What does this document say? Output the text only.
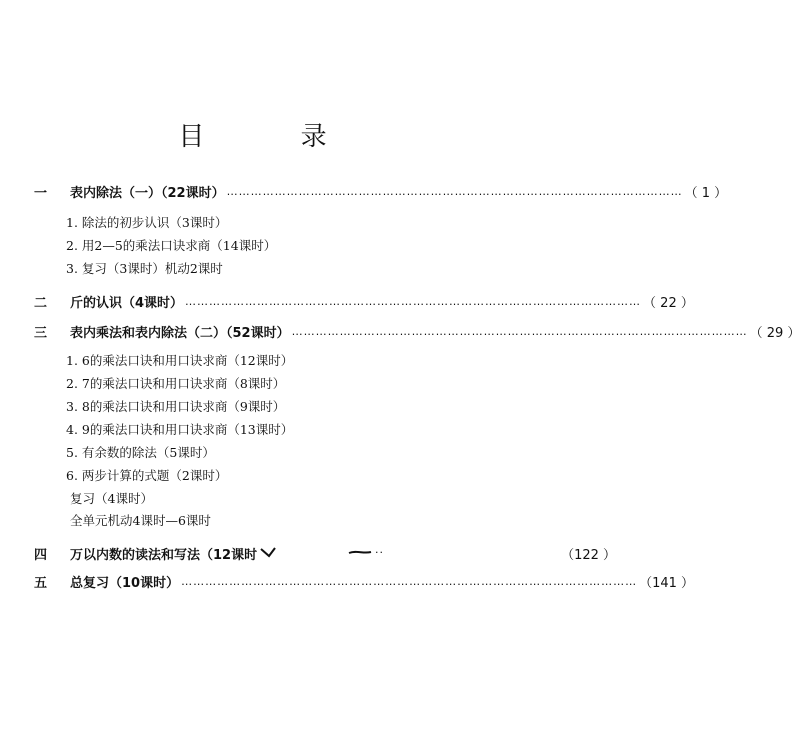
目 录
一	表内除法（一）（22课时） …………………………………………………………………………………………………… （ 1 ）
1. 除法的初步认识（3课时）
2. 用2—5的乘法口诀求商（14课时）
3. 复习（3课时）机动2课时
二	斤的认识（4课时） …………………………………………………………………………………………………… （ 22 ）
三	表内乘法和表内除法（二）（52课时） …………………………………………………………………………………………………… （ 29 ）
1. 6的乘法口诀和用口诀求商（12课时）
2. 7的乘法口诀和用口诀求商（8课时）
3. 8的乘法口诀和用口诀求商（9课时）
4. 9的乘法口诀和用口诀求商（13课时）
5. 有余数的除法（5课时）
6. 两步计算的式题（2课时）
复习（4课时）
全单元机动4课时—6课时
四	万以内数的读法和写法（12课时	··	（122 ）
五	总复习（10课时） …………………………………………………………………………………………………… （141 ）
